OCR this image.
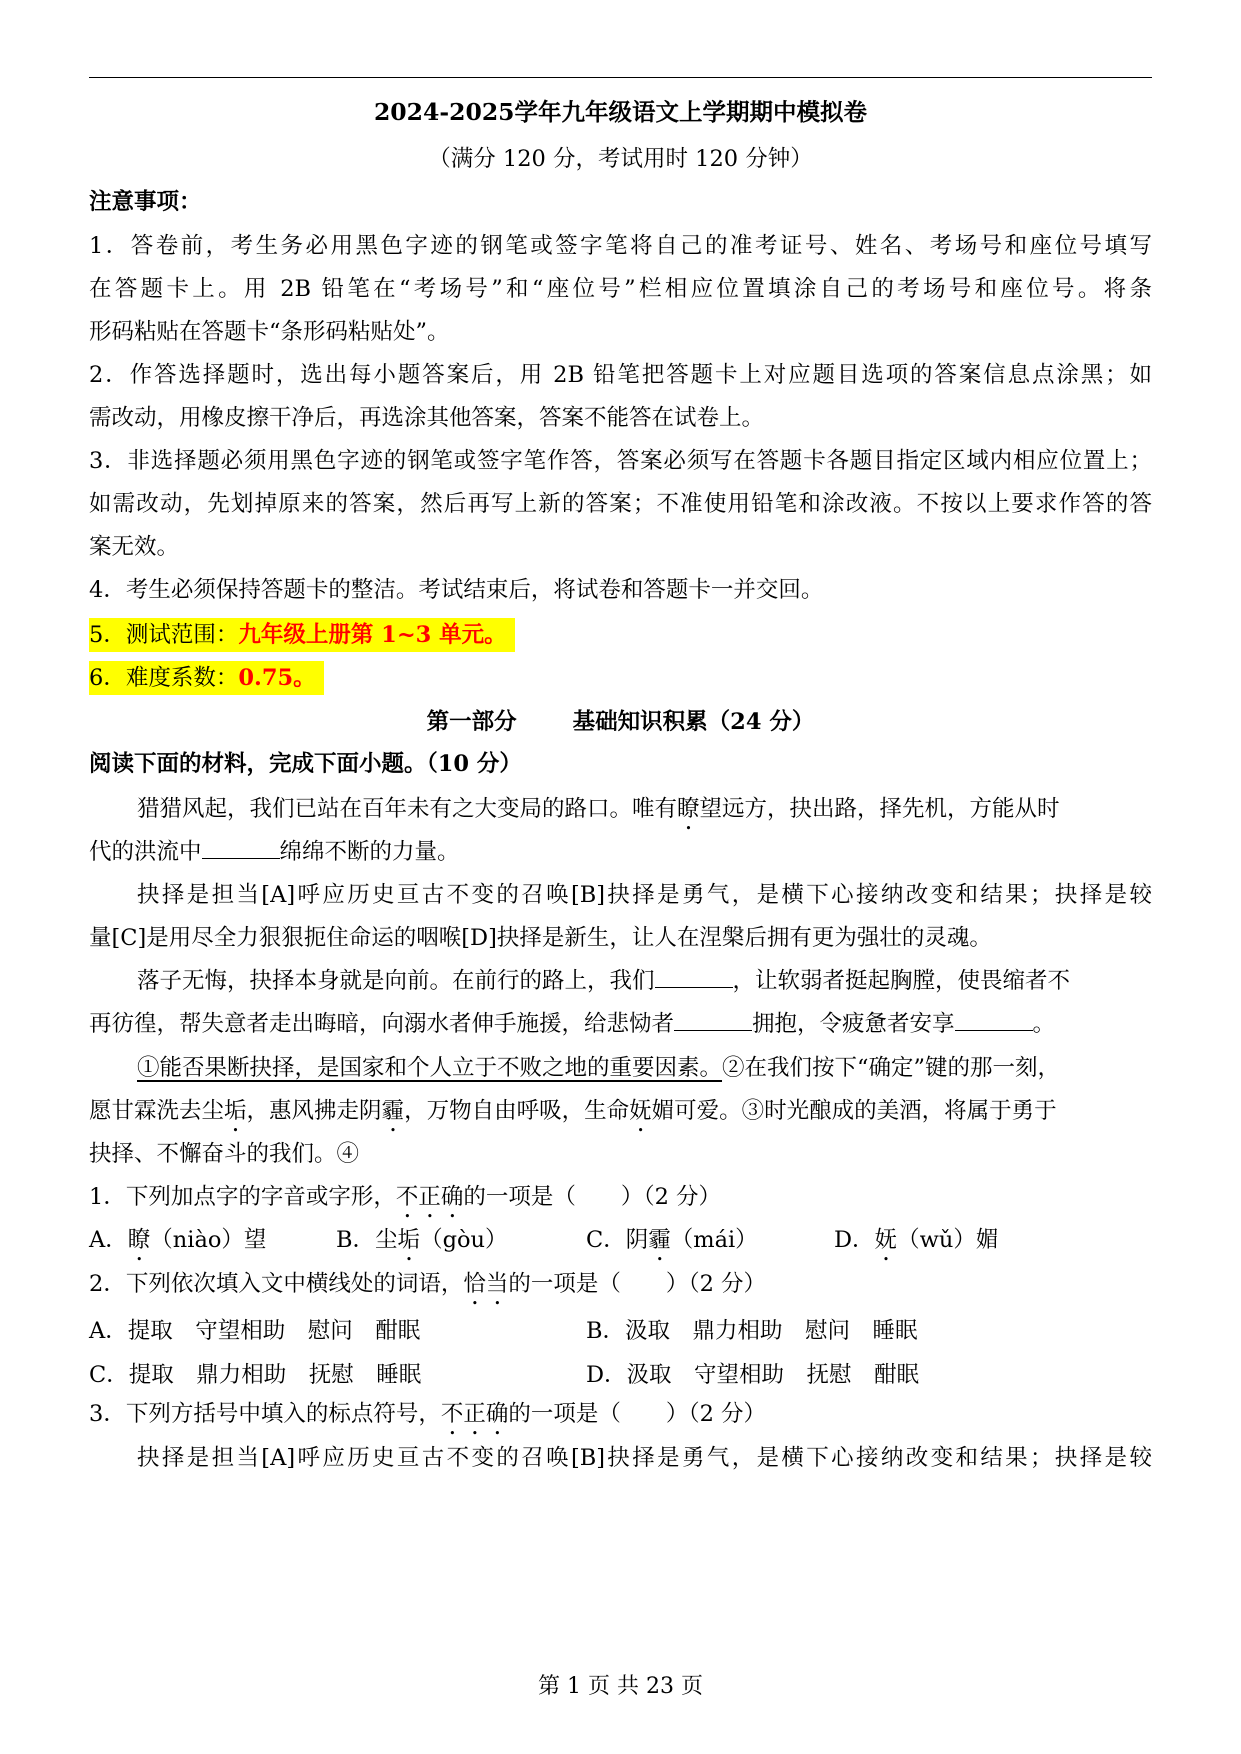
2024-2025学年九年级语文上学期期中模拟卷
（满分 120 分，考试用时 120 分钟）
注意事项：
1．答卷前，考生务必用黑色字迹的钢笔或签字笔将自己的准考证号、姓名、考场号和座位号填写
在答题卡上。用 2B 铅笔在“考场号”和“座位号”栏相应位置填涂自己的考场号和座位号。将条
形码粘贴在答题卡“条形码粘贴处”。
2．作答选择题时，选出每小题答案后，用 2B 铅笔把答题卡上对应题目选项的答案信息点涂黑；如
需改动，用橡皮擦干净后，再选涂其他答案，答案不能答在试卷上。
3．非选择题必须用黑色字迹的钢笔或签字笔作答，答案必须写在答题卡各题目指定区域内相应位置上；
如需改动，先划掉原来的答案，然后再写上新的答案；不准使用铅笔和涂改液。不按以上要求作答的答
案无效。
4．考生必须保持答题卡的整洁。考试结束后，将试卷和答题卡一并交回。
5．测试范围：九年级上册第 1~3 单元。
6．难度系数：0.75。
第一部分 基础知识积累（24 分）
阅读下面的材料，完成下面小题。（10 分）
猎猎风起，我们已站在百年未有之大变局的路口。唯有瞭望远方，抉出路，择先机，方能从时
代的洪流中	绵绵不断的力量。
抉择是担当[A]呼应历史亘古不变的召唤[B]抉择是勇气，是横下心接纳改变和结果；抉择是较
量[C]是用尽全力狠狠扼住命运的咽喉[D]抉择是新生，让人在涅槃后拥有更为强壮的灵魂。
落子无悔，抉择本身就是向前。在前行的路上，我们	，让软弱者挺起胸膛，使畏缩者不
再彷徨，帮失意者走出晦暗，向溺水者伸手施援，给悲恸者	拥抱，令疲惫者安享	。
①能否果断抉择，是国家和个人立于不败之地的重要因素。②在我们按下“确定”键的那一刻，
愿甘霖洗去尘垢，惠风拂走阴霾，万物自由呼吸，生命妩媚可爱。③时光酿成的美酒，将属于勇于
抉择、不懈奋斗的我们。④
1．下列加点字的字音或字形，不正确的一项是（　　）（2 分）
A．瞭（niào）望	B．尘垢（gòu）	C．阴霾（mái）	D．妩（wǔ）媚
2．下列依次填入文中横线处的词语，恰当的一项是（　　）（2 分）
A．提取　守望相助　慰问　酣眠	B．汲取　鼎力相助　慰问　睡眠
C．提取　鼎力相助　抚慰　睡眠	D．汲取　守望相助　抚慰　酣眠
3．下列方括号中填入的标点符号，不正确的一项是（　　）（2 分）
抉择是担当[A]呼应历史亘古不变的召唤[B]抉择是勇气，是横下心接纳改变和结果；抉择是较
第 1 页 共 23 页
